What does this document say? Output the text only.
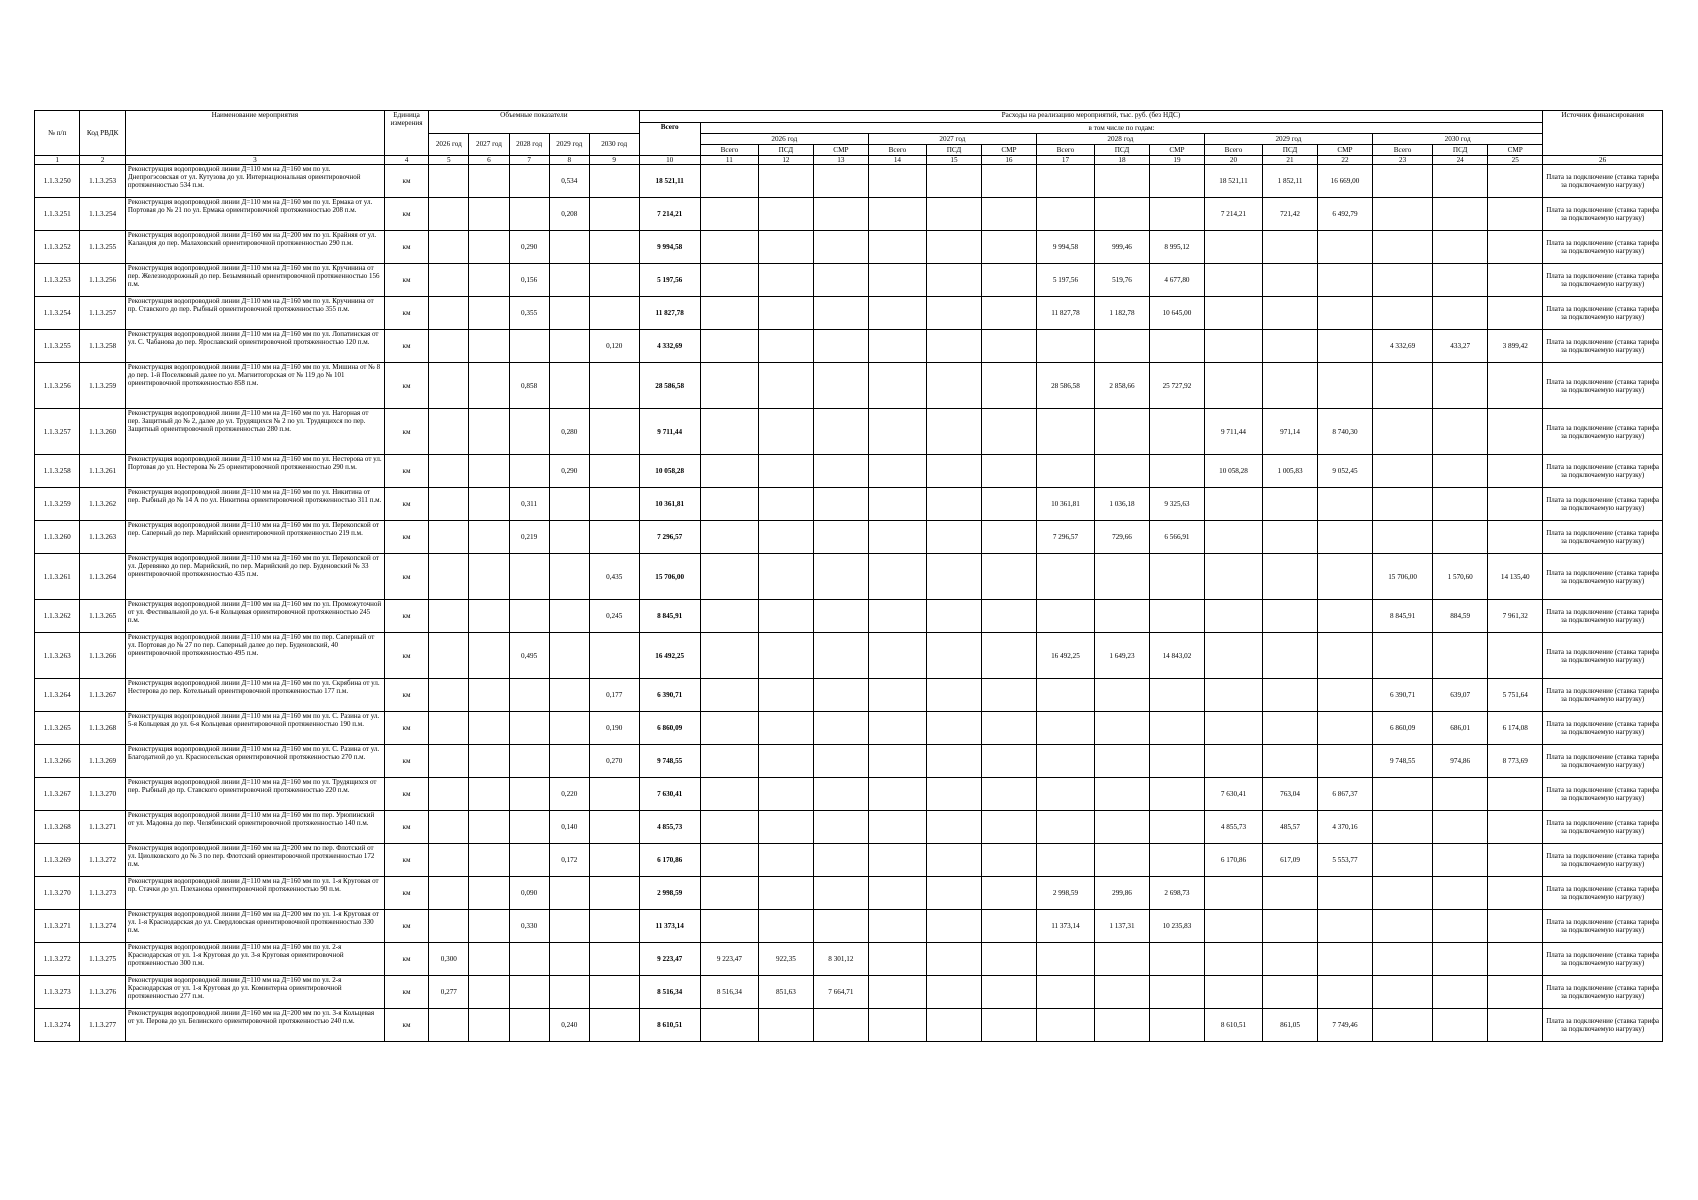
№ п/п	Код РВДК	Наименование мероприятия	Единица измерения	Объемные показатели					Расходы на реализацию мероприятий, тыс. руб. (без НДС)																Источник финансирования
									Всего	в том числе по годам:															
				2026 год	2027 год	2028 год	2029 год	2030 год		2026 год			2027 год			2028 год			2029 год			2030 год			
										Всего	ПСД	СМР	Всего	ПСД	СМР	Всего	ПСД	СМР	Всего	ПСД	СМР	Всего	ПСД	СМР	
1	2	3	4	5	6	7	8	9	10	11	12	13	14	15	16	17	18	19	20	21	22	23	24	25	26
1.1.3.250	1.1.3.253	Реконструкция водопроводной линии Д=110 мм на Д=160 мм по ул. Днепрогэсовская от ул. Кутузова до ул. Интернациональная ориентировочной протяженностью 534 п.м.	км				0,534		18 521,11										18 521,11	1 852,11	16 669,00				Плата за подключение (ставка тарифа за подключаемую нагрузку)
1.1.3.251	1.1.3.254	Реконструкция водопроводной линии Д=110 мм на Д=160 мм по ул. Ермака от ул. Портовая до № 21 по ул. Ермака ориентировочной протяженностью 208 п.м.	км				0,208		7 214,21										7 214,21	721,42	6 492,79				Плата за подключение (ставка тарифа за подключаемую нагрузку)
1.1.3.252	1.1.3.255	Реконструкция водопроводной линии Д=160 мм на Д=200 мм по ул. Крайняя от ул. Каландия до пер. Малаховский ориентировочной протяженностью 290 п.м.	км			0,290			9 994,58							9 994,58	999,46	8 995,12							Плата за подключение (ставка тарифа за подключаемую нагрузку)
1.1.3.253	1.1.3.256	Реконструкция водопроводной линии Д=110 мм на Д=160 мм по ул. Кручинина от пер. Железнодорожный до пер. Безымянный ориентировочной протяженностью 156 п.м.	км			0,156			5 197,56							5 197,56	519,76	4 677,80							Плата за подключение (ставка тарифа за подключаемую нагрузку)
1.1.3.254	1.1.3.257	Реконструкция водопроводной линии Д=110 мм на Д=160 мм по ул. Кручинина от пр. Ставского до пер. Рыбный ориентировочной протяженностью 355 п.м.	км			0,355			11 827,78							11 827,78	1 182,78	10 645,00							Плата за подключение (ставка тарифа за подключаемую нагрузку)
1.1.3.255	1.1.3.258	Реконструкция водопроводной линии Д=110 мм на Д=160 мм по ул. Лопатинская от ул. С. Чабанова до пер. Ярославский ориентировочной протяженностью 120 п.м.	км					0,120	4 332,69													4 332,69	433,27	3 899,42	Плата за подключение (ставка тарифа за подключаемую нагрузку)
1.1.3.256	1.1.3.259	Реконструкция водопроводной линии Д=110 мм на Д=160 мм по ул. Мишина от № 8 до пер. 1-й Поселковый далее по ул. Магнитогорская от № 119 до № 101 ориентировочной протяженностью 858 п.м.	км			0,858			28 586,58							28 586,58	2 858,66	25 727,92							Плата за подключение (ставка тарифа за подключаемую нагрузку)
1.1.3.257	1.1.3.260	Реконструкция водопроводной линии Д=110 мм на Д=160 мм по ул. Нагорная от пер. Защитный до № 2, далее до ул. Трудящихся № 2 по ул. Трудящихся по пер. Защитный ориентировочной протяженностью 280 п.м.	км				0,280		9 711,44										9 711,44	971,14	8 740,30				Плата за подключение (ставка тарифа за подключаемую нагрузку)
1.1.3.258	1.1.3.261	Реконструкция водопроводной линии Д=110 мм на Д=160 мм по ул. Нестерова от ул. Портовая до ул. Нестерова № 25 ориентировочной протяженностью 290 п.м.	км				0,290		10 058,28										10 058,28	1 005,83	9 052,45				Плата за подключение (ставка тарифа за подключаемую нагрузку)
1.1.3.259	1.1.3.262	Реконструкция водопроводной линии Д=110 мм на Д=160 мм по ул. Никитина от пер. Рыбный до № 14 А по ул. Никитина ориентировочной протяженностью 311 п.м.	км			0,311			10 361,81							10 361,81	1 036,18	9 325,63							Плата за подключение (ставка тарифа за подключаемую нагрузку)
1.1.3.260	1.1.3.263	Реконструкция водопроводной линии Д=110 мм на Д=160 мм по ул. Перекопской от пер. Саперный до пер. Марийский ориентировочной протяженностью 219 п.м.	км			0,219			7 296,57							7 296,57	729,66	6 566,91							Плата за подключение (ставка тарифа за подключаемую нагрузку)
1.1.3.261	1.1.3.264	Реконструкция водопроводной линии Д=110 мм на Д=160 мм по ул. Перекопской от ул. Деревянко до пер. Марийский, по пер. Марийский до пер. Буденовский № 33 ориентировочной протяженностью 435 п.м.	км					0,435	15 706,00													15 706,00	1 570,60	14 135,40	Плата за подключение (ставка тарифа за подключаемую нагрузку)
1.1.3.262	1.1.3.265	Реконструкция водопроводной линии Д=100 мм на Д=160 мм по ул. Промежуточной от ул. Фестивальной до ул. 6-я Кольцевая ориентировочной протяженностью 245 п.м.	км					0,245	8 845,91													8 845,91	884,59	7 961,32	Плата за подключение (ставка тарифа за подключаемую нагрузку)
1.1.3.263	1.1.3.266	Реконструкция водопроводной линии Д=110 мм на Д=160 мм по пер. Саперный от ул. Портовая до № 27 по пер. Саперный далее до пер. Буденовский, 40 ориентировочной протяженностью 495 п.м.	км			0,495			16 492,25							16 492,25	1 649,23	14 843,02							Плата за подключение (ставка тарифа за подключаемую нагрузку)
1.1.3.264	1.1.3.267	Реконструкция водопроводной линии Д=110 мм на Д=160 мм по ул. Скрябина от ул. Нестерова до пер. Котельный ориентировочной протяженностью 177 п.м.	км					0,177	6 390,71													6 390,71	639,07	5 751,64	Плата за подключение (ставка тарифа за подключаемую нагрузку)
1.1.3.265	1.1.3.268	Реконструкция водопроводной линии Д=110 мм на Д=160 мм по ул. С. Разина от ул. 5-я Кольцевая до ул. 6-я Кольцевая ориентировочной протяженностью 190 п.м.	км					0,190	6 860,09													6 860,09	686,01	6 174,08	Плата за подключение (ставка тарифа за подключаемую нагрузку)
1.1.3.266	1.1.3.269	Реконструкция водопроводной линии Д=110 мм на Д=160 мм по ул. С. Разина от ул. Благодатной до ул. Красносельская ориентировочной протяженностью 270 п.м.	км					0,270	9 748,55													9 748,55	974,86	8 773,69	Плата за подключение (ставка тарифа за подключаемую нагрузку)
1.1.3.267	1.1.3.270	Реконструкция водопроводной линии Д=110 мм на Д=160 мм по ул. Трудящихся от пер. Рыбный до пр. Ставского ориентировочной протяженностью 220 п.м.	км				0,220		7 630,41										7 630,41	763,04	6 867,37				Плата за подключение (ставка тарифа за подключаемую нагрузку)
1.1.3.268	1.1.3.271	Реконструкция водопроводной линии Д=110 мм на Д=160 мм по пер. Урюпинский от ул. Мадояна до пер. Челябинский ориентировочной протяженностью 140 п.м.	км				0,140		4 855,73										4 855,73	485,57	4 370,16				Плата за подключение (ставка тарифа за подключаемую нагрузку)
1.1.3.269	1.1.3.272	Реконструкция водопроводной линии Д=160 мм на Д=200 мм по пер. Флотский от ул. Циолковского до № 3 по пер. Флотский ориентировочной протяженностью 172 п.м.	км				0,172		6 170,86										6 170,86	617,09	5 553,77				Плата за подключение (ставка тарифа за подключаемую нагрузку)
1.1.3.270	1.1.3.273	Реконструкция водопроводной линии Д=110 мм на Д=160 мм по ул. 1-я Круговая от пр. Стачки до ул. Плеханова ориентировочной протяженностью 90 п.м.	км			0,090			2 998,59							2 998,59	299,86	2 698,73							Плата за подключение (ставка тарифа за подключаемую нагрузку)
1.1.3.271	1.1.3.274	Реконструкция водопроводной линии Д=160 мм на Д=200 мм по ул. 1-я Круговая от ул. 1-я Краснодарская до ул. Свердловская ориентировочной протяженностью 330 п.м.	км			0,330			11 373,14							11 373,14	1 137,31	10 235,83							Плата за подключение (ставка тарифа за подключаемую нагрузку)
1.1.3.272	1.1.3.275	Реконструкция водопроводной линии Д=110 мм на Д=160 мм по ул. 2-я Краснодарская от ул. 1-я Круговая до ул. 3-я Круговая ориентировочной протяженностью 300 п.м.	км	0,300					9 223,47	9 223,47	922,35	8 301,12													Плата за подключение (ставка тарифа за подключаемую нагрузку)
1.1.3.273	1.1.3.276	Реконструкция водопроводной линии Д=110 мм на Д=160 мм по ул. 2-я Краснодарская от ул. 1-я Круговая до ул. Коминтерна ориентировочной протяженностью 277 п.м.	км	0,277					8 516,34	8 516,34	851,63	7 664,71													Плата за подключение (ставка тарифа за подключаемую нагрузку)
1.1.3.274	1.1.3.277	Реконструкция водопроводной линии Д=160 мм на Д=200 мм по ул. 3-я Кольцевая от ул. Перова до ул. Белинского ориентировочной протяженностью 240 п.м.	км				0,240		8 610,51										8 610,51	861,05	7 749,46				Плата за подключение (ставка тарифа за подключаемую нагрузку)
